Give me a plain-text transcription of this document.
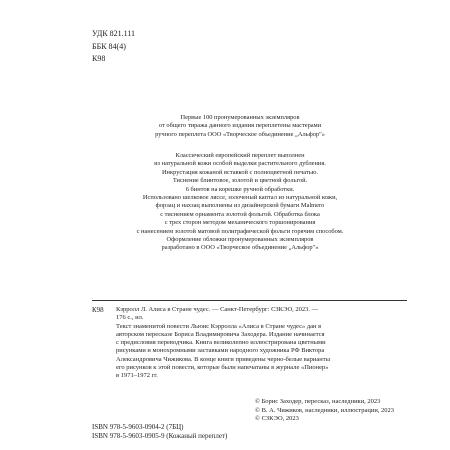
УДК 821.111
ББК 84(4)
К98
Первые 100 пронумерованных экземпляров
от общего тиража данного издания переплетены мастерами
ручного переплета ООО «Творческое объединение „Альфор"»
Классический европейский переплет выполнен
из натуральной кожи особой выделки растительного дубления.
Инкрустация кожаной вставкой с полноцветной печатью.
Тиснение блинтовое, золотой и цветной фольгой.
6 бинтов на корешке ручной обработки.
Использовано шелковое ляссе, золоченый каптал из натуральной кожи,
форзац и нахзац выполнены из дизайнерской бумаги Malmero
с тиснением орнамента золотой фольгой. Обработка блока
с трех сторон методом механического торшонирования
с нанесением золотой матовой полиграфической фольги горячим способом.
Оформление обложки пронумерованных экземпляров
разработано в ООО «Творческое объединение „Альфор"»
К98 Кэрролл Л. Алиса в Стране чудес. — Санкт-Петербург: СЗКЭО, 2023. —
176 с., ил.
Текст знаменитой повести Льюис Кэрролла «Алиса в Стране чудес» дан в
авторском пересказе Бориса Владимировича Заходера. Издание начинается
с предисловия переводчика. Книга великолепно иллюстрирована цветными
рисунками и монохромными заставками народного художника РФ Виктора
Александровича Чижикова. В конце книги приведены черно-белые варианты
его рисунков к этой повести, которые были напечатаны в журнале «Пионер»
в 1971–1972 гг.
© Борис Заходер, пересказ, наследники, 2023
© В. А. Чижиков, наследники, иллюстрации, 2023
© СЗКЭО, 2023
ISBN 978-5-9603-0904-2 (7БЦ)
ISBN 978-5-9603-0905-9 (Кожаный переплет)
